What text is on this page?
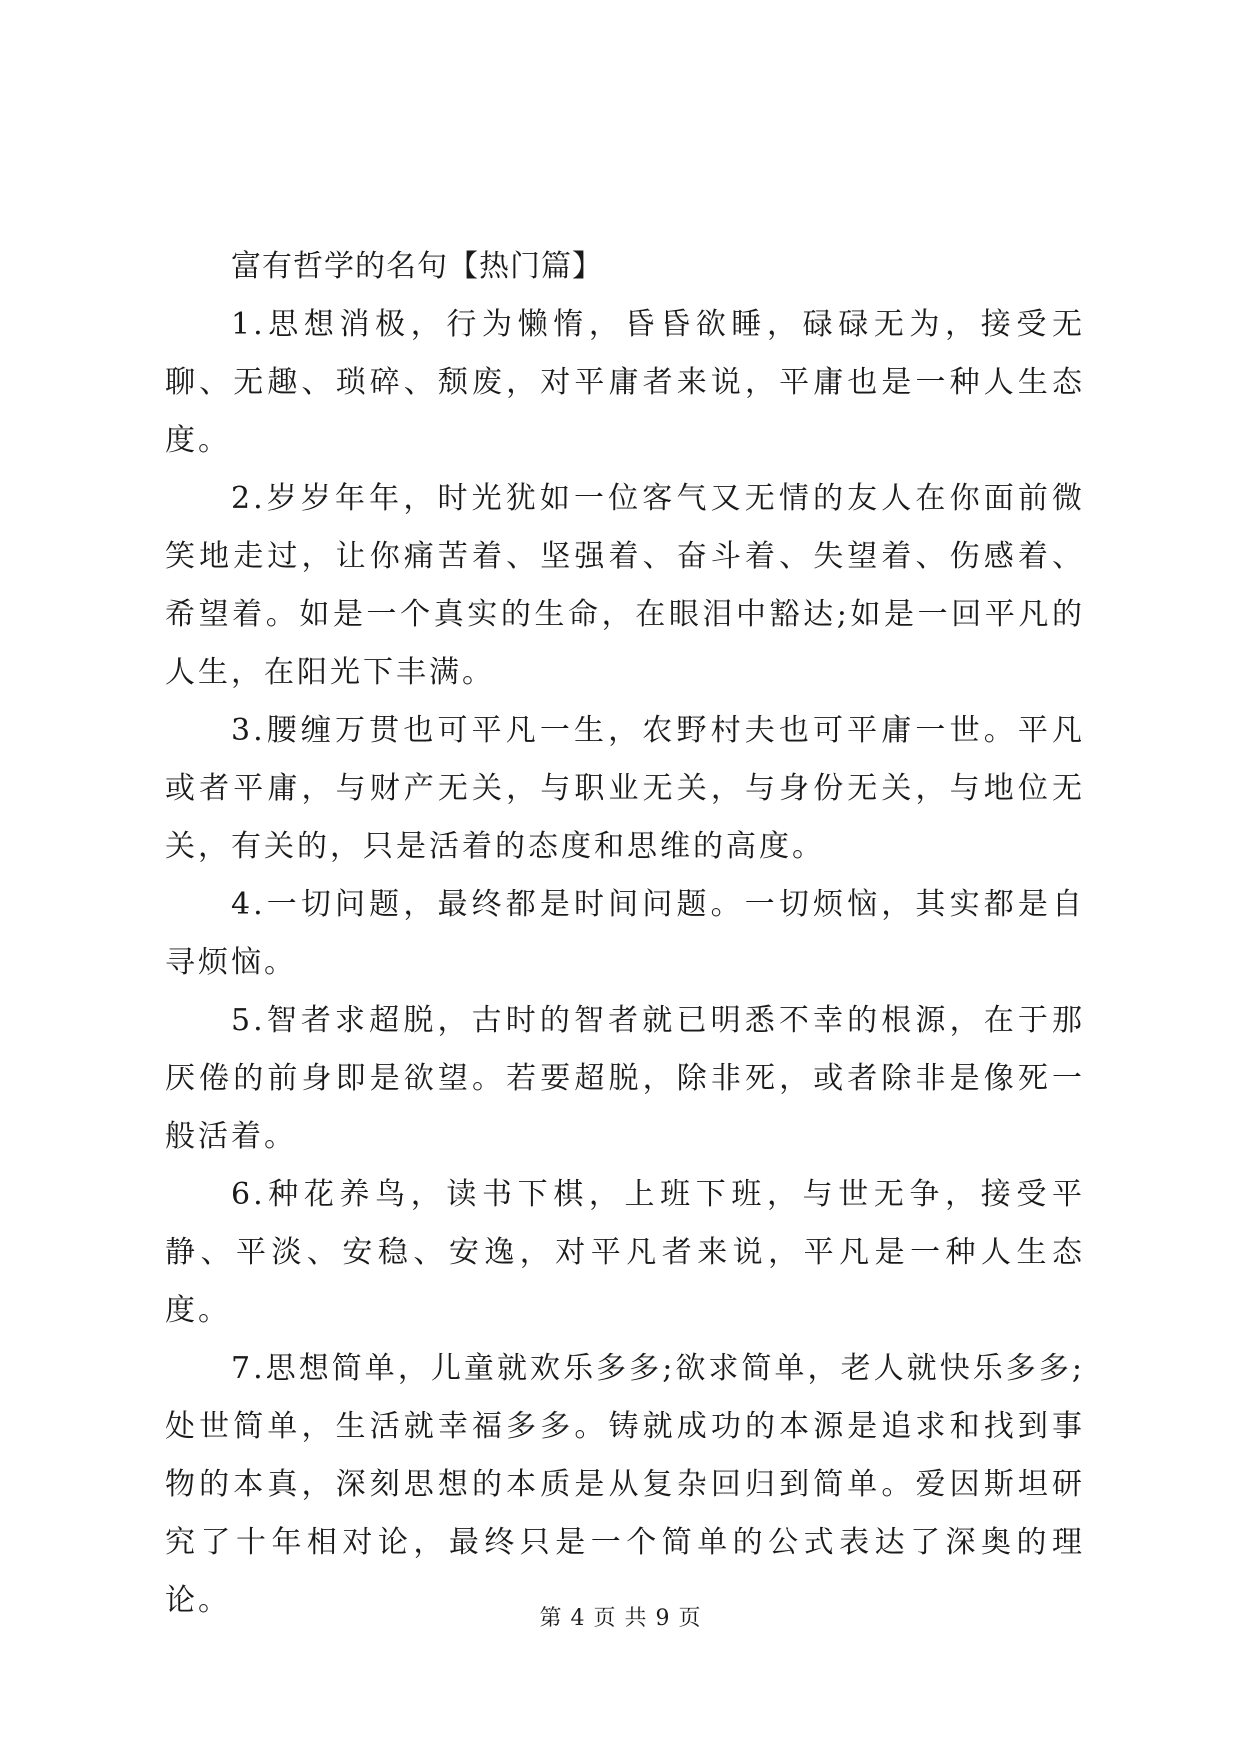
富有哲学的名句【热门篇】

1.思想消极，行为懒惰，昏昏欲睡，碌碌无为，接受无聊、无趣、琐碎、颓废，对平庸者来说，平庸也是一种人生态度。

2.岁岁年年，时光犹如一位客气又无情的友人在你面前微笑地走过，让你痛苦着、坚强着、奋斗着、失望着、伤感着、希望着。如是一个真实的生命，在眼泪中豁达;如是一回平凡的人生，在阳光下丰满。

3.腰缠万贯也可平凡一生，农野村夫也可平庸一世。平凡或者平庸，与财产无关，与职业无关，与身份无关，与地位无关，有关的，只是活着的态度和思维的高度。

4.一切问题，最终都是时间问题。一切烦恼，其实都是自寻烦恼。

5.智者求超脱，古时的智者就已明悉不幸的根源，在于那厌倦的前身即是欲望。若要超脱，除非死，或者除非是像死一般活着。

6.种花养鸟，读书下棋，上班下班，与世无争，接受平静、平淡、安稳、安逸，对平凡者来说，平凡是一种人生态度。

7.思想简单，儿童就欢乐多多;欲求简单，老人就快乐多多;处世简单，生活就幸福多多。铸就成功的本源是追求和找到事物的本真，深刻思想的本质是从复杂回归到简单。爱因斯坦研究了十年相对论，最终只是一个简单的公式表达了深奥的理论。

第 4 页 共 9 页
